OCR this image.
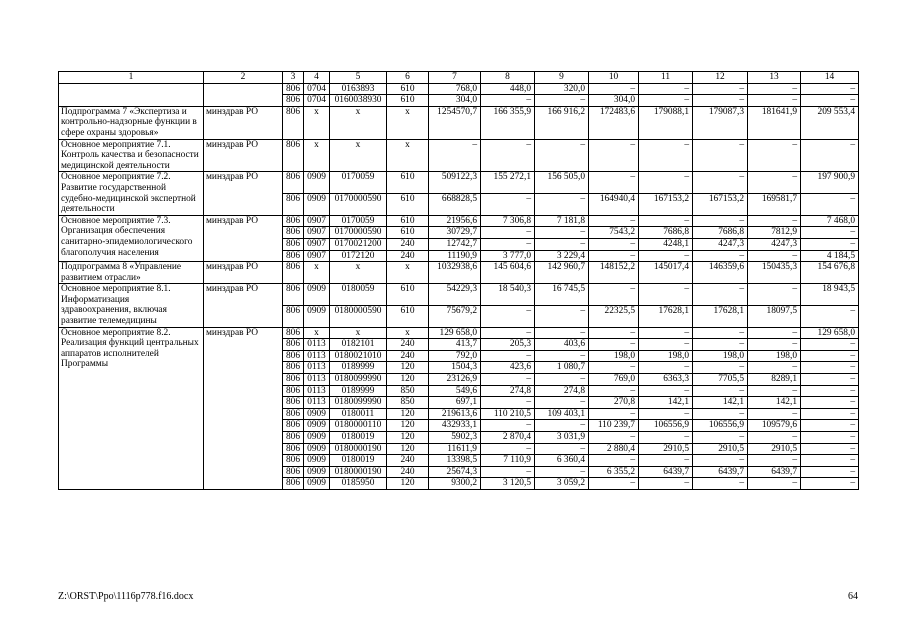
1	2	3	4	5	6	7	8	9	10	11	12	13	14
		806	0704	0163893	610	768,0	448,0	320,0	–	–	–	–	–
		806	0704	0160038930	610	304,0	–	–	304,0	–	–	–	–
Подпрограмма 7 «Экспертиза и контрольно-надзорные функции в сфере охраны здоровья»	минздрав РО	806	х	х	х	1254570,7	166 355,9	166 916,2	172483,6	179088,1	179087,3	181641,9	209 553,4
Основное мероприятие 7.1. Контроль качества и безопасности медицинской деятельности	минздрав РО	806	х	х	х	–	–	–	–	–	–	–	–
Основное мероприятие 7.2. Развитие государственной судебно-медицинской экспертной деятельности	минздрав РО	806	0909	0170059	610	509122,3	155 272,1	156 505,0	–	–	–	–	197 900,9
		806	0909	0170000590	610	668828,5	–	–	164940,4	167153,2	167153,2	169581,7	–
Основное мероприятие 7.3. Организация обеспечения санитарно-эпидемиологического благополучия населения	минздрав РО	806	0907	0170059	610	21956,6	7 306,8	7 181,8	–	–	–	–	7 468,0
		806	0907	0170000590	610	30729,7	–	–	7543,2	7686,8	7686,8	7812,9	–
		806	0907	0170021200	240	12742,7	–	–	–	4248,1	4247,3	4247,3	–
		806	0907	0172120	240	11190,9	3 777,0	3 229,4	–	–	–	–	4 184,5
Подпрограмма 8 «Управление развитием отрасли»	минздрав РО	806	х	х	х	1032938,6	145 604,6	142 960,7	148152,2	145017,4	146359,6	150435,3	154 676,8
Основное мероприятие 8.1. Информатизация здравоохранения, включая развитие телемедицины	минздрав РО	806	0909	0180059	610	54229,3	18 540,3	16 745,5	–	–	–	–	18 943,5
		806	0909	0180000590	610	75679,2	–	–	22325,5	17628,1	17628,1	18097,5	–
Основное мероприятие 8.2. Реализация функций центральных аппаратов исполнителей Программы	минздрав РО	806	х	х	х	129 658,0	–	–	–	–	–	–	129 658,0
		806	0113	0182101	240	413,7	205,3	403,6	–	–	–	–	–
		806	0113	0180021010	240	792,0	–	–	198,0	198,0	198,0	198,0	–
		806	0113	0189999	120	1504,3	423,6	1 080,7	–	–	–	–	–
		806	0113	0180099990	120	23126,9	–	–	769,0	6363,3	7705,5	8289,1	–
		806	0113	0189999	850	549,6	274,8	274,8	–	–	–	–	–
		806	0113	0180099990	850	697,1	–	–	270,8	142,1	142,1	142,1	–
		806	0909	0180011	120	219613,6	110 210,5	109 403,1	–	–	–	–	–
		806	0909	0180000110	120	432933,1	–	–	110 239,7	106556,9	106556,9	109579,6	–
		806	0909	0180019	120	5902,3	2 870,4	3 031,9	–	–	–	–	–
		806	0909	0180000190	120	11611,9	–	–	2 880,4	2910,5	2910,5	2910,5	–
		806	0909	0180019	240	13398,5	7 110,9	6 360,4	–	–	–	–	–
		806	0909	0180000190	240	25674,3	–	–	6 355,2	6439,7	6439,7	6439,7	–
		806	0909	0185950	120	9300,2	3 120,5	3 059,2	–	–	–	–	–
Z:\ORST\Ppo\1116p778.f16.docx	64
